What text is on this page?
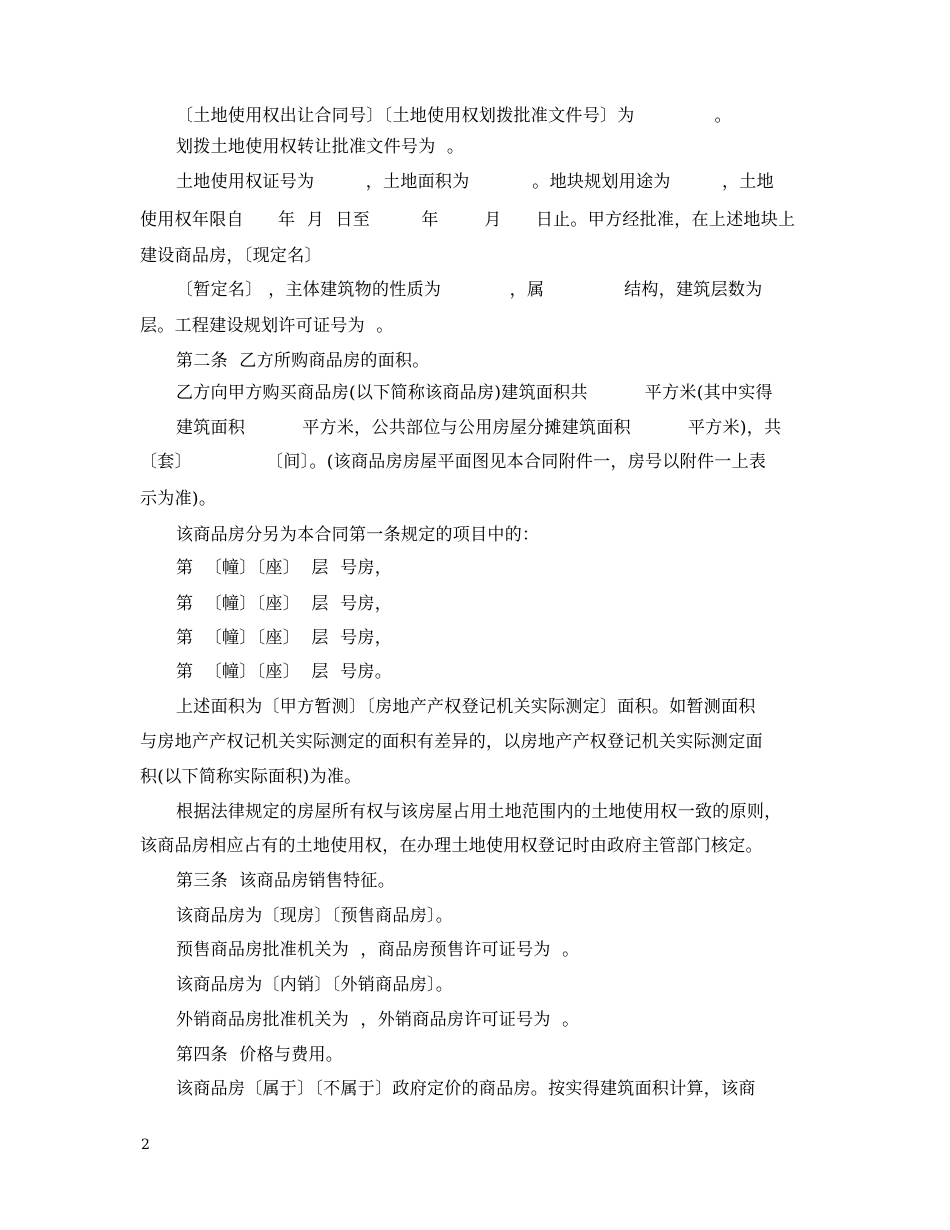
〔土地使用权出让合同号〕〔土地使用权划拨批准文件号〕为              。
划拨土地使用权转让批准文件号为  。
土地使用权证号为         ，土地面积为           。地块规划用途为         ，土地
使用权年限自      年  月  日至         年        月      日止。甲方经批准，在上述地块上
建设商品房，〔现定名〕
〔暂定名〕 ，主体建筑物的性质为            ，属              结构，建筑层数为
层。工程建设规划许可证号为  。
第二条  乙方所购商品房的面积。
乙方向甲方购买商品房(以下简称该商品房)建筑面积共          平方米(其中实得
建筑面积          平方米，公共部位与公用房屋分摊建筑面积          平方米)，共
〔套〕             〔间〕。(该商品房房屋平面图见本合同附件一，房号以附件一上表
示为准)。
该商品房分另为本合同第一条规定的项目中的：
第  〔幢〕〔座〕  层  号房，
第  〔幢〕〔座〕  层  号房，
第  〔幢〕〔座〕  层  号房，
第  〔幢〕〔座〕  层  号房。
上述面积为〔甲方暂测〕〔房地产产权登记机关实际测定〕面积。如暂测面积
与房地产产权记机关实际测定的面积有差异的，以房地产产权登记机关实际测定面
积(以下简称实际面积)为准。
根据法律规定的房屋所有权与该房屋占用土地范围内的土地使用权一致的原则，
该商品房相应占有的土地使用权，在办理土地使用权登记时由政府主管部门核定。
第三条  该商品房销售特征。
该商品房为〔现房〕〔预售商品房〕。
预售商品房批准机关为  ，商品房预售许可证号为  。
该商品房为〔内销〕〔外销商品房〕。
外销商品房批准机关为  ，外销商品房许可证号为  。
第四条  价格与费用。
该商品房〔属于〕〔不属于〕政府定价的商品房。按实得建筑面积计算，该商
2
